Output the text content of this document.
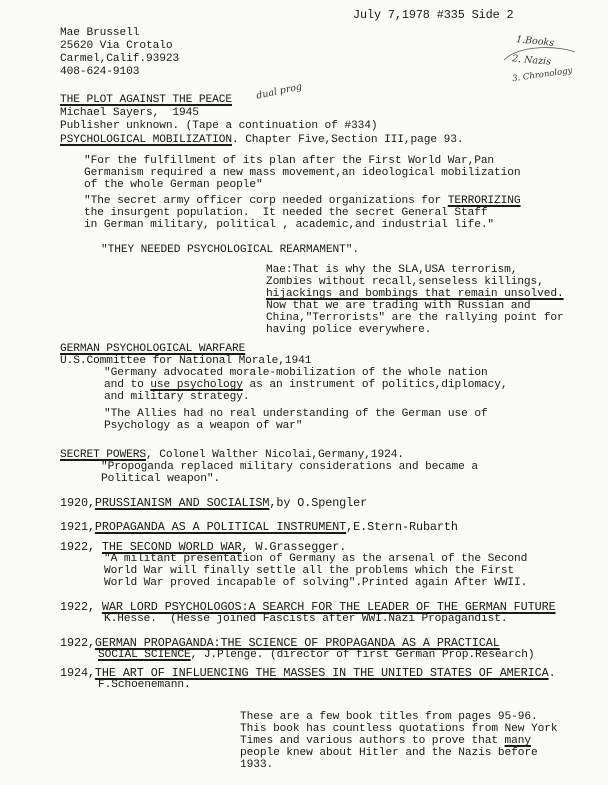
July 7,1978 #335 Side 2
Mae Brussell
25620 Via Crotalo
Carmel,Calif.93923
408-624-9103
1.Books
2. Nazis
3. Chronology
THE PLOT AGAINST THE PEACE dual prog
Michael Sayers,  1945
Publisher unknown. (Tape a continuation of #334)
PSYCHOLOGICAL MOBILIZATION. Chapter Five,Section III,page 93.
"For the fulfillment of its plan after the First World War,Pan
Germanism required a new mass movement,an ideological mobilization
of the whole German people"
"The secret army officer corp needed organizations for TERRORIZING
the insurgent population.  It needed the secret General Staff
in German military, political , academic,and industrial life."
"THEY NEEDED PSYCHOLOGICAL REARMAMENT".
Mae:That is why the SLA,USA terrorism,
Zombies without recall,senseless killings,
hijackings and bombings that remain unsolved.
Now that we are trading with Russian and
China,"Terrorists" are the rallying point for
having police everywhere.
GERMAN PSYCHOLOGICAL WARFARE
U.S.Committee for National Morale,1941
"Germany advocated morale-mobilization of the whole nation
and to use psychology as an instrument of politics,diplomacy,
and military strategy.
"The Allies had no real understanding of the German use of
Psychology as a weapon of war"
SECRET POWERS, Colonel Walther Nicolai,Germany,1924.
"Propoganda replaced military considerations and became a
Political weapon".
1920,PRUSSIANISM AND SOCIALISM,by O.Spengler
1921,PROPAGANDA AS A POLITICAL INSTRUMENT,E.Stern-Rubarth
1922, THE SECOND WORLD WAR, W.Grassegger.
"A militant presentation of Germany as the arsenal of the Second
World War will finally settle all the problems which the First
World War proved incapable of solving".Printed again After WWII.
1922, WAR LORD PSYCHOLOGOS:A SEARCH FOR THE LEADER OF THE GERMAN FUTURE
K.Hesse.  (Hesse joined Fascists after WWI.Nazi Propagandist.
1922,GERMAN PROPAGANDA:THE SCIENCE OF PROPAGANDA AS A PRACTICAL
SOCIAL SCIENCE, J.Plenge. (director of first German Prop.Research)
1924,THE ART OF INFLUENCING THE MASSES IN THE UNITED STATES OF AMERICA.
F.Schoenemann.
These are a few book titles from pages 95-96.
This book has countless quotations from New York
Times and various authors to prove that many
people knew about Hitler and the Nazis before
1933.
